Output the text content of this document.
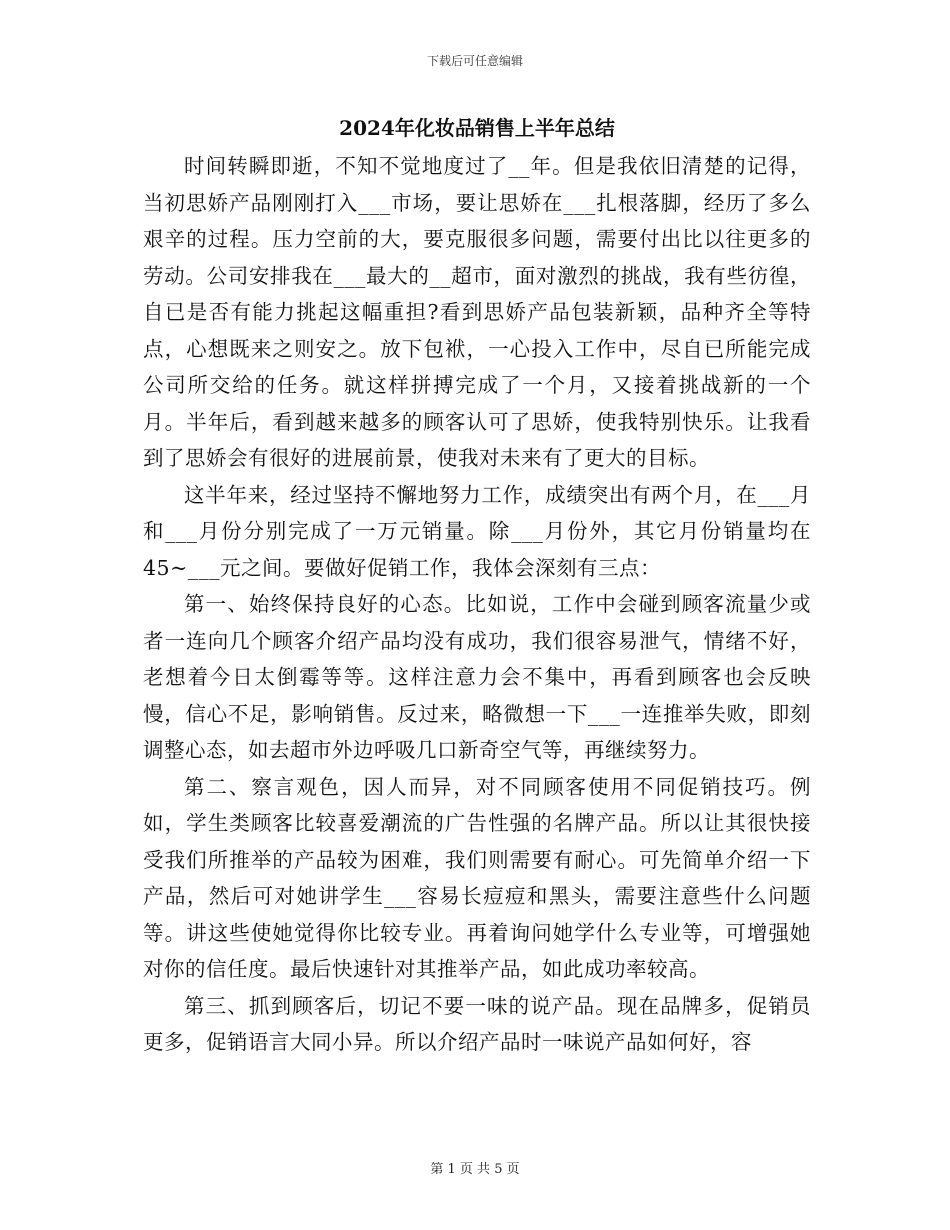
下载后可任意编辑
2024年化妆品销售上半年总结

时间转瞬即逝，不知不觉地度过了__年。但是我依旧清楚的记得，当初思娇产品刚刚打入___市场，要让思娇在___扎根落脚，经历了多么艰辛的过程。压力空前的大，要克服很多问题，需要付出比以往更多的劳动。公司安排我在___最大的__超市，面对激烈的挑战，我有些彷徨，自已是否有能力挑起这幅重担?看到思娇产品包装新颖，品种齐全等特点，心想既来之则安之。放下包袱，一心投入工作中，尽自已所能完成公司所交给的任务。就这样拼搏完成了一个月，又接着挑战新的一个月。半年后，看到越来越多的顾客认可了思娇，使我特别快乐。让我看到了思娇会有很好的进展前景，使我对未来有了更大的目标。

这半年来，经过坚持不懈地努力工作，成绩突出有两个月，在___月和___月份分别完成了一万元销量。除___月份外，其它月份销量均在45~___元之间。要做好促销工作，我体会深刻有三点：

第一、始终保持良好的心态。比如说，工作中会碰到顾客流量少或者一连向几个顾客介绍产品均没有成功，我们很容易泄气，情绪不好，老想着今日太倒霉等等。这样注意力会不集中，再看到顾客也会反映慢，信心不足，影响销售。反过来，略微想一下___一连推举失败，即刻调整心态，如去超市外边呼吸几口新奇空气等，再继续努力。

第二、察言观色，因人而异，对不同顾客使用不同促销技巧。例如，学生类顾客比较喜爱潮流的广告性强的名牌产品。所以让其很快接受我们所推举的产品较为困难，我们则需要有耐心。可先简单介绍一下产品，然后可对她讲学生___容易长痘痘和黑头，需要注意些什么问题等。讲这些使她觉得你比较专业。再着询问她学什么专业等，可增强她对你的信任度。最后快速针对其推举产品，如此成功率较高。

第三、抓到顾客后，切记不要一味的说产品。现在品牌多，促销员更多，促销语言大同小异。所以介绍产品时一味说产品如何好，容

第 1 页 共 5 页
